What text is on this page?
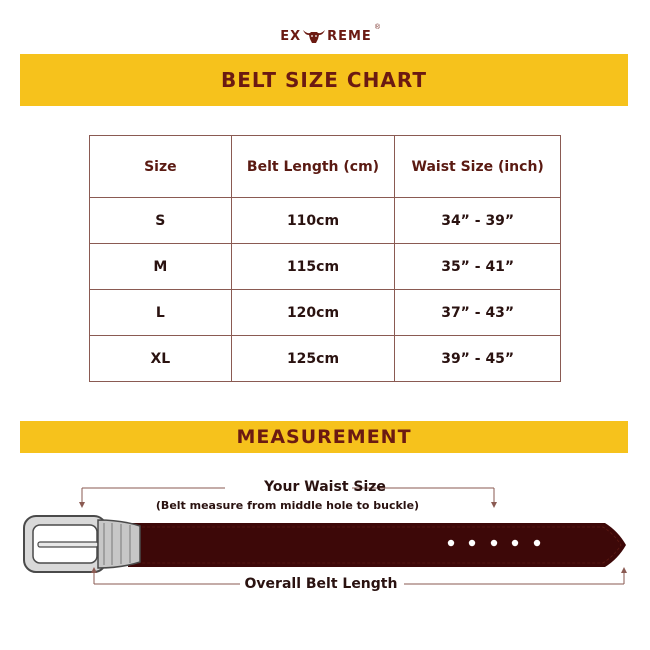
EX REME
®
BELT SIZE CHART
Size	Belt Length (cm)	Waist Size (inch)
S	110cm	34” - 39”
M	115cm	35” - 41”
L	120cm	37” - 43”
XL	125cm	39” - 45”
MEASUREMENT
Your Waist Size
(Belt measure from middle hole to buckle)
Overall Belt Length
